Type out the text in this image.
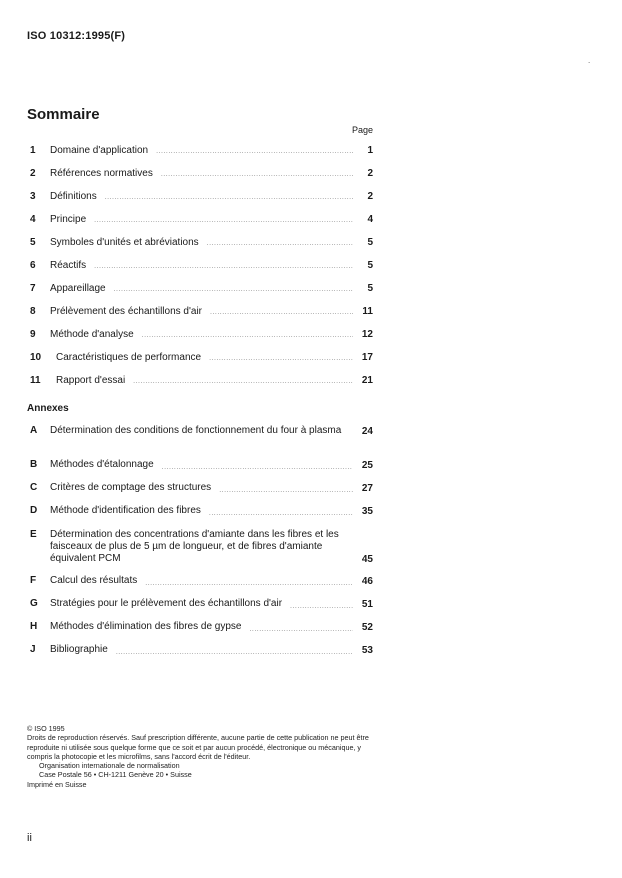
ISO 10312:1995(F)
.
Sommaire
Page
1	Domaine d'application .....	1
2	Références normatives .....	2
3	Définitions .....	2
4	Principe .....	4
5	Symboles d'unités et abréviations .....	5
6	Réactifs .....	5
7	Appareillage .....	5
8	Prélèvement des échantillons d'air .....	11
9	Méthode d'analyse .....	12
10	Caractéristiques de performance .....	17
11	Rapport d'essai .....	21
Annexes
A	Détermination des conditions de fonctionnement du four à plasma	24
B	Méthodes d'étalonnage .....	25
C	Critères de comptage des structures .....	27
D	Méthode d'identification des fibres .....	35
E	Détermination des concentrations d'amiante dans les fibres et les faisceaux de plus de 5 µm de longueur, et de fibres d'amiante équivalent PCM	45
F	Calcul des résultats .....	46
G	Stratégies pour le prélèvement des échantillons d'air .....	51
H	Méthodes d'élimination des fibres de gypse .....	52
J	Bibliographie .....	53

© ISO 1995

Droits de reproduction réservés. Sauf prescription différente, aucune partie de cette publication ne peut être reproduite ni utilisée sous quelque forme que ce soit et par aucun procédé, électronique ou mécanique, y compris la photocopie et les microfilms, sans l'accord écrit de l'éditeur.

Organisation internationale de normalisation

Case Postale 56 • CH-1211 Genève 20 • Suisse

Imprimé en Suisse

ii
